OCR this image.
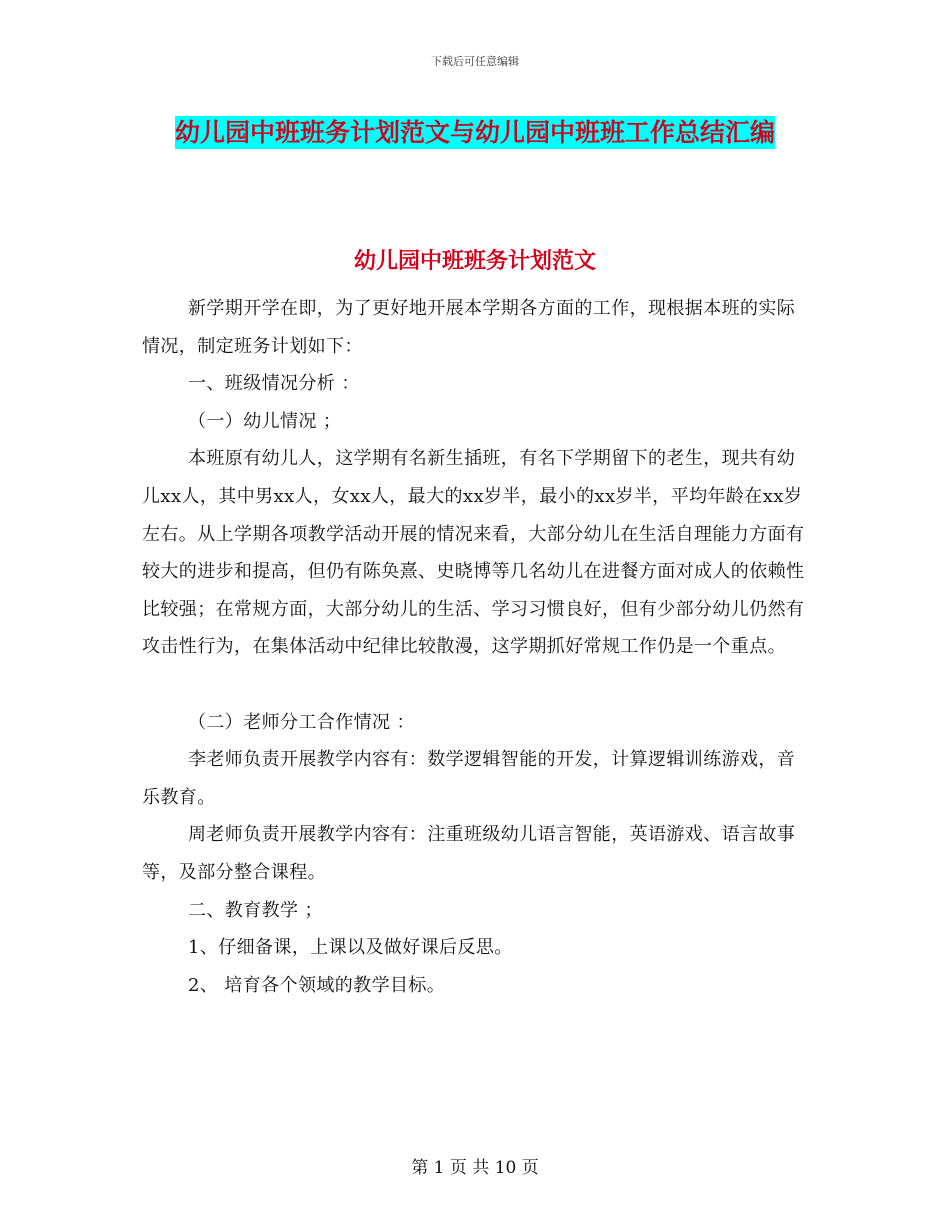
下载后可任意编辑
幼儿园中班班务计划范文与幼儿园中班班工作总结汇编
幼儿园中班班务计划范文

新学期开学在即，为了更好地开展本学期各方面的工作，现根据本班的实际情况，制定班务计划如下：

一、班级情况分析 ：

（一）幼儿情况 ；

本班原有幼儿人，这学期有名新生插班，有名下学期留下的老生，现共有幼儿xx人，其中男xx人，女xx人，最大的xx岁半，最小的xx岁半，平均年龄在xx岁左右。从上学期各项教学活动开展的情况来看，大部分幼儿在生活自理能力方面有较大的进步和提高，但仍有陈奂熹、史晓博等几名幼儿在进餐方面对成人的依赖性比较强；在常规方面，大部分幼儿的生活、学习习惯良好，但有少部分幼儿仍然有攻击性行为，在集体活动中纪律比较散漫，这学期抓好常规工作仍是一个重点。

（二）老师分工合作情况 ：

李老师负责开展教学内容有：数学逻辑智能的开发，计算逻辑训练游戏，音乐教育。

周老师负责开展教学内容有：注重班级幼儿语言智能，英语游戏、语言故事等，及部分整合课程。

二、教育教学 ；

1、仔细备课，上课以及做好课后反思。

2、 培育各个领域的教学目标。

第 1 页 共 10 页
